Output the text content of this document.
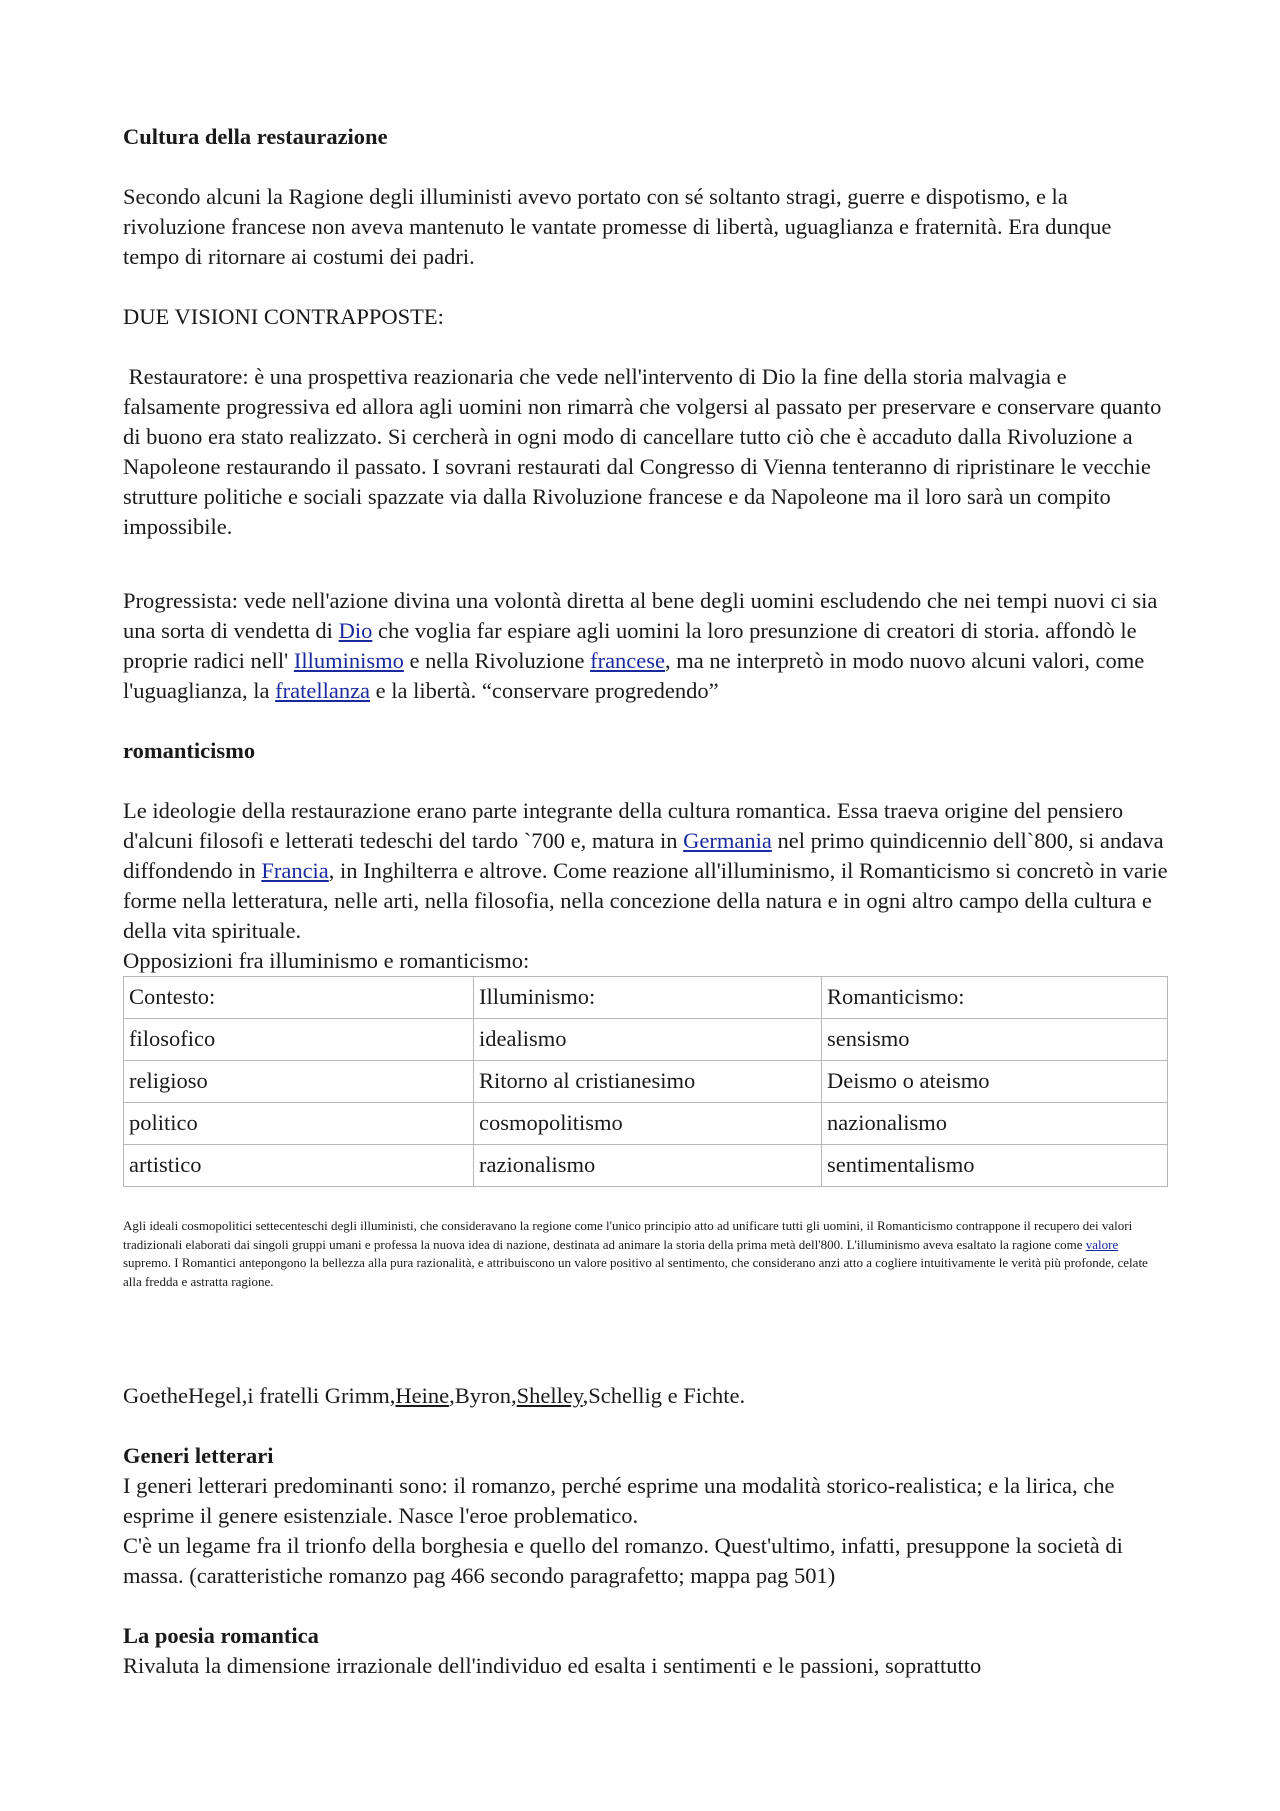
Cultura della restaurazione

Secondo alcuni la Ragione degli illuministi avevo portato con sé soltanto stragi, guerre e dispotismo, e la rivoluzione francese non aveva mantenuto le vantate promesse di libertà, uguaglianza e fraternità. Era dunque tempo di ritornare ai costumi dei padri.

DUE VISIONI CONTRAPPOSTE:

Restauratore: è una prospettiva reazionaria che vede nell'intervento di Dio la fine della storia malvagia e falsamente progressiva ed allora agli uomini non rimarrà che volgersi al passato per preservare e conservare quanto di buono era stato realizzato. Si cercherà in ogni modo di cancellare tutto ciò che è accaduto dalla Rivoluzione a Napoleone restaurando il passato. I sovrani restaurati dal Congresso di Vienna tenteranno di ripristinare le vecchie strutture politiche e sociali spazzate via dalla Rivoluzione francese e da Napoleone ma il loro sarà un compito impossibile.

Progressista: vede nell'azione divina una volontà diretta al bene degli uomini escludendo che nei tempi nuovi ci sia una sorta di vendetta di Dio che voglia far espiare agli uomini la loro presunzione di creatori di storia. affondò le proprie radici nell' Illuminismo e nella Rivoluzione francese, ma ne interpretò in modo nuovo alcuni valori, come l'uguaglianza, la fratellanza e la libertà. “conservare progredendo”

romanticismo

Le ideologie della restaurazione erano parte integrante della cultura romantica. Essa traeva origine del pensiero d'alcuni filosofi e letterati tedeschi del tardo `700 e, matura in Germania nel primo quindicennio dell`800, si andava diffondendo in Francia, in Inghilterra e altrove. Come reazione all'illuminismo, il Romanticismo si concretò in varie forme nella letteratura, nelle arti, nella filosofia, nella concezione della natura e in ogni altro campo della cultura e della vita spirituale.

Opposizioni fra illuminismo e romanticismo:

Contesto:	Illuminismo:	Romanticismo:
filosofico	idealismo	sensismo
religioso	Ritorno al cristianesimo	Deismo o ateismo
politico	cosmopolitismo	nazionalismo
artistico	razionalismo	sentimentalismo

Agli ideali cosmopolitici settecenteschi degli illuministi, che consideravano la regione come l'unico principio atto ad unificare tutti gli uomini, il Romanticismo contrappone il recupero dei valori tradizionali elaborati dai singoli gruppi umani e professa la nuova idea di nazione, destinata ad animare la storia della prima metà dell'800. L'illuminismo aveva esaltato la ragione come valore supremo. I Romantici antepongono la bellezza alla pura razionalità, e attribuiscono un valore positivo al sentimento, che considerano anzi atto a cogliere intuitivamente le verità più profonde, celate alla fredda e astratta ragione.

GoetheHegel,i fratelli Grimm,Heine,Byron,Shelley,Schellig e Fichte.

Generi letterari

I generi letterari predominanti sono: il romanzo, perché esprime una modalità storico-realistica; e la lirica, che esprime il genere esistenziale. Nasce l'eroe problematico.

C'è un legame fra il trionfo della borghesia e quello del romanzo. Quest'ultimo, infatti, presuppone la società di massa. (caratteristiche romanzo pag 466 secondo paragrafetto; mappa pag 501)

La poesia romantica

Rivaluta la dimensione irrazionale dell'individuo ed esalta i sentimenti e le passioni, soprattutto
